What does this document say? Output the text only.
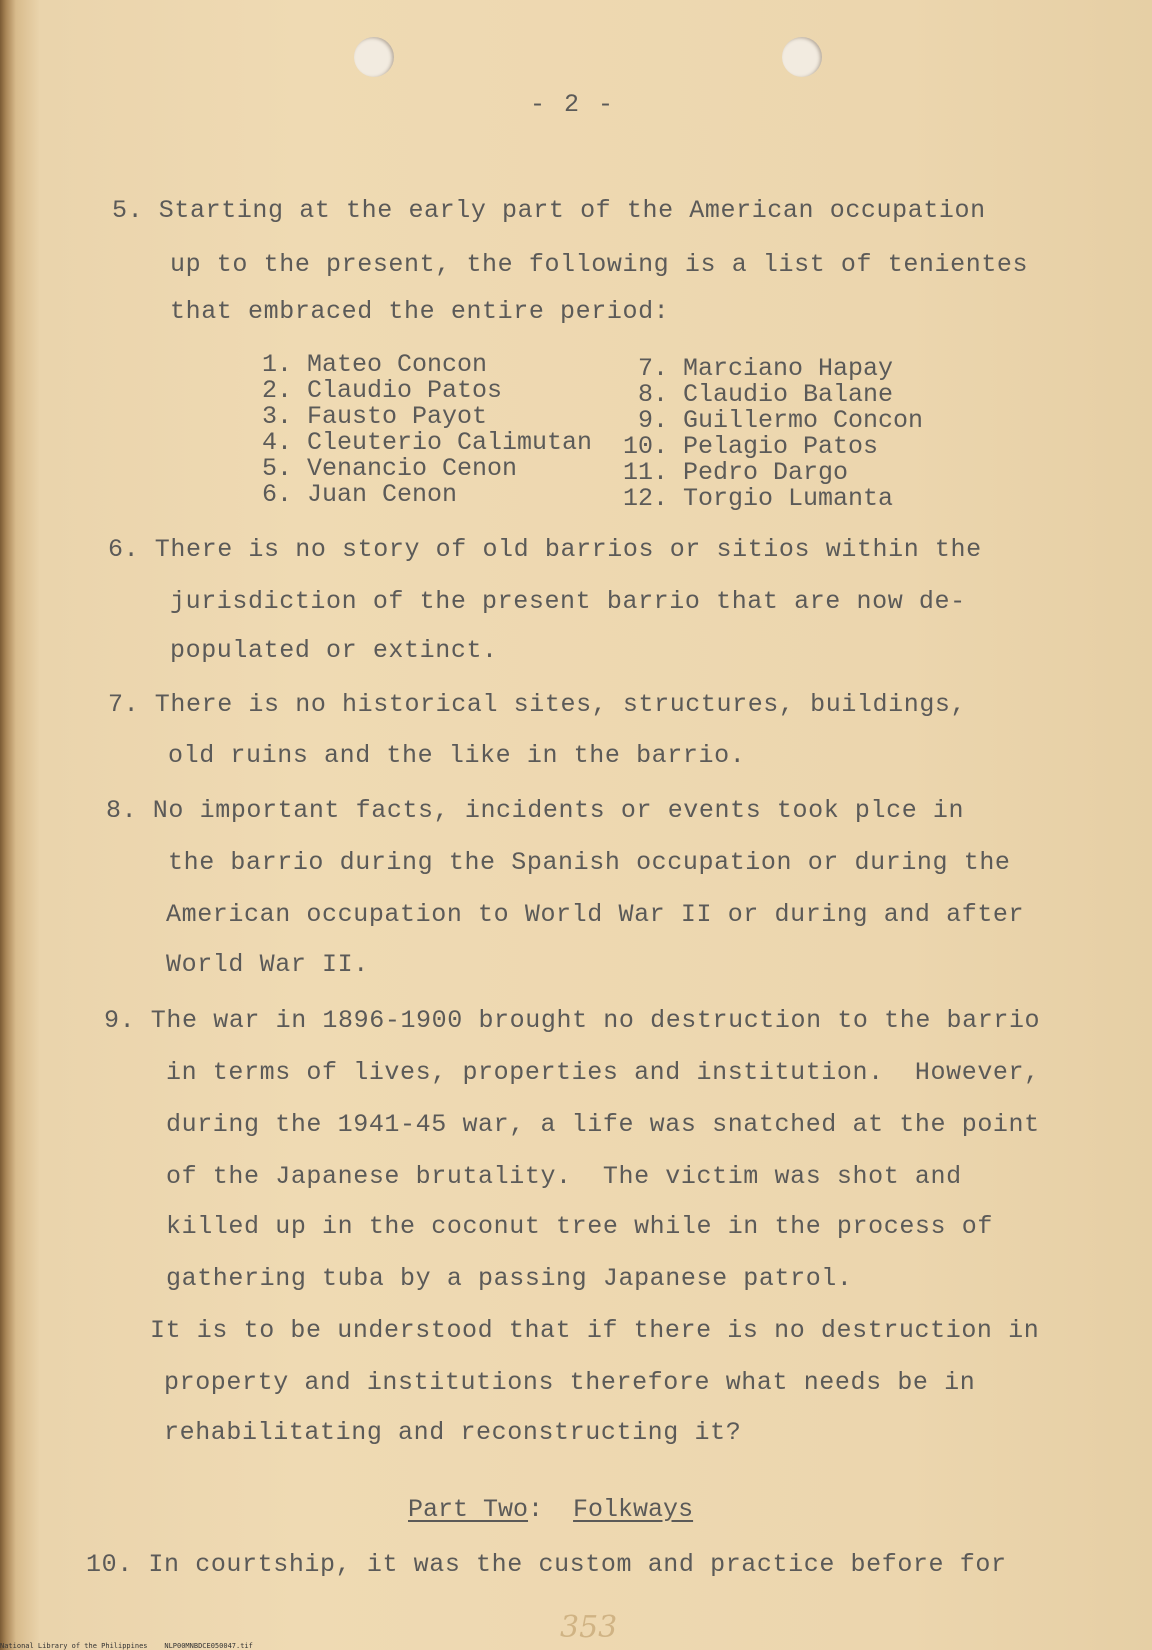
- 2 -
5. Starting at the early part of the American occupation
up to the present, the following is a list of tenientes
that embraced the entire period:
1. Mateo Concon
2. Claudio Patos
3. Fausto Payot
4. Cleuterio Calimutan
5. Venancio Cenon
6. Juan Cenon
7. Marciano Hapay
8. Claudio Balane
9. Guillermo Concon
10. Pelagio Patos
11. Pedro Dargo
12. Torgio Lumanta
6. There is no story of old barrios or sitios within the
jurisdiction of the present barrio that are now de-
populated or extinct.
7. There is no historical sites, structures, buildings,
old ruins and the like in the barrio.
8. No important facts, incidents or events took plce in
the barrio during the Spanish occupation or during the
American occupation to World War II or during and after
World War II.
9. The war in 1896-1900 brought no destruction to the barrio
in terms of lives, properties and institution.  However,
during the 1941-45 war, a life was snatched at the point
of the Japanese brutality.  The victim was shot and
killed up in the coconut tree while in the process of
gathering tuba by a passing Japanese patrol.
It is to be understood that if there is no destruction in
property and institutions therefore what needs be in
rehabilitating and reconstructing it?
Part Two:  Folkways
10. In courtship, it was the custom and practice before for
353
National Library of the Philippines    NLP00MNBDCE050047.tif
